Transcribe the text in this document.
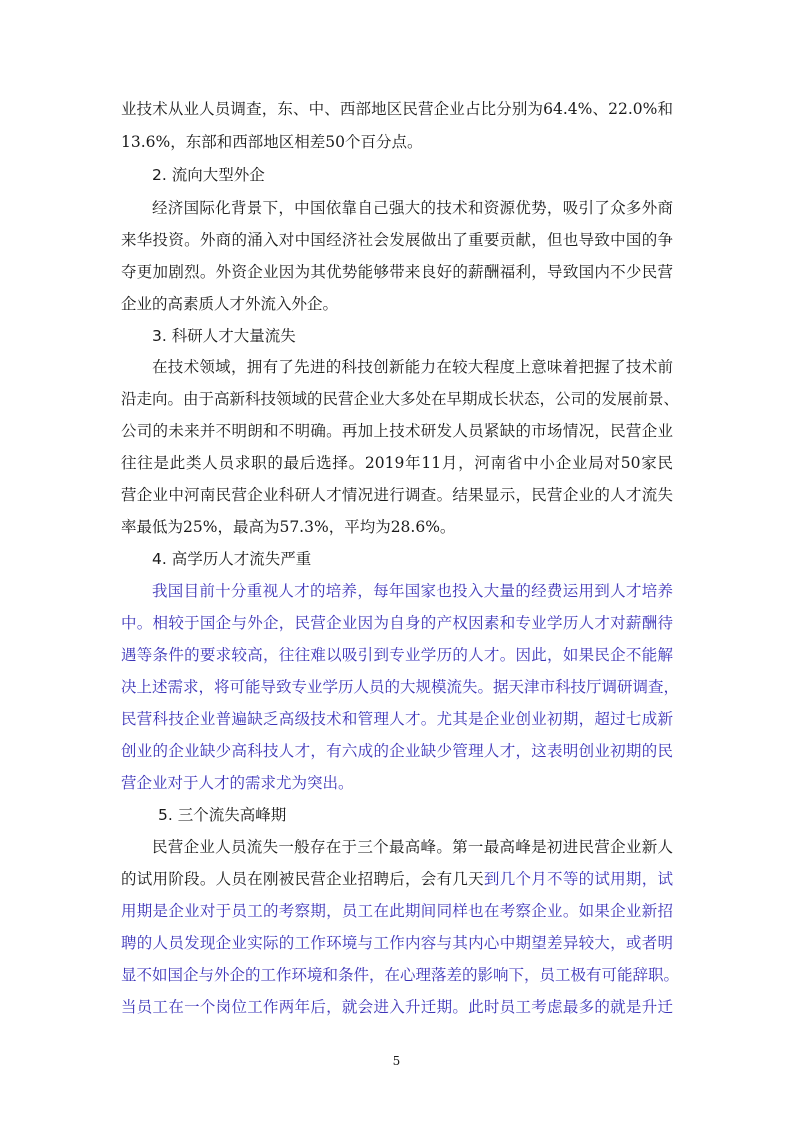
业技术从业人员调查，东、中、西部地区民营企业占比分别为64.4%、22.0%和
13.6%，东部和西部地区相差50个百分点。
2. 流向大型外企
经济国际化背景下，中国依靠自己强大的技术和资源优势，吸引了众多外商
来华投资。外商的涌入对中国经济社会发展做出了重要贡献，但也导致中国的争
夺更加剧烈。外资企业因为其优势能够带来良好的薪酬福利，导致国内不少民营
企业的高素质人才外流入外企。
3. 科研人才大量流失
在技术领域，拥有了先进的科技创新能力在较大程度上意味着把握了技术前
沿走向。由于高新科技领域的民营企业大多处在早期成长状态，公司的发展前景、
公司的未来并不明朗和不明确。再加上技术研发人员紧缺的市场情况，民营企业
往往是此类人员求职的最后选择。2019年11月，河南省中小企业局对50家民
营企业中河南民营企业科研人才情况进行调查。结果显示，民营企业的人才流失
率最低为25%，最高为57.3%，平均为28.6%。
4. 高学历人才流失严重
我国目前十分重视人才的培养，每年国家也投入大量的经费运用到人才培养
中。相较于国企与外企，民营企业因为自身的产权因素和专业学历人才对薪酬待
遇等条件的要求较高，往往难以吸引到专业学历的人才。因此，如果民企不能解
决上述需求，将可能导致专业学历人员的大规模流失。据天津市科技厅调研调查，
民营科技企业普遍缺乏高级技术和管理人才。尤其是企业创业初期，超过七成新
创业的企业缺少高科技人才，有六成的企业缺少管理人才，这表明创业初期的民
营企业对于人才的需求尤为突出。
5. 三个流失高峰期
民营企业人员流失一般存在于三个最高峰。第一最高峰是初进民营企业新人
的试用阶段。人员在刚被民营企业招聘后，会有几天到几个月不等的试用期，试
用期是企业对于员工的考察期，员工在此期间同样也在考察企业。如果企业新招
聘的人员发现企业实际的工作环境与工作内容与其内心中期望差异较大，或者明
显不如国企与外企的工作环境和条件，在心理落差的影响下，员工极有可能辞职。
当员工在一个岗位工作两年后，就会进入升迁期。此时员工考虑最多的就是升迁
5
